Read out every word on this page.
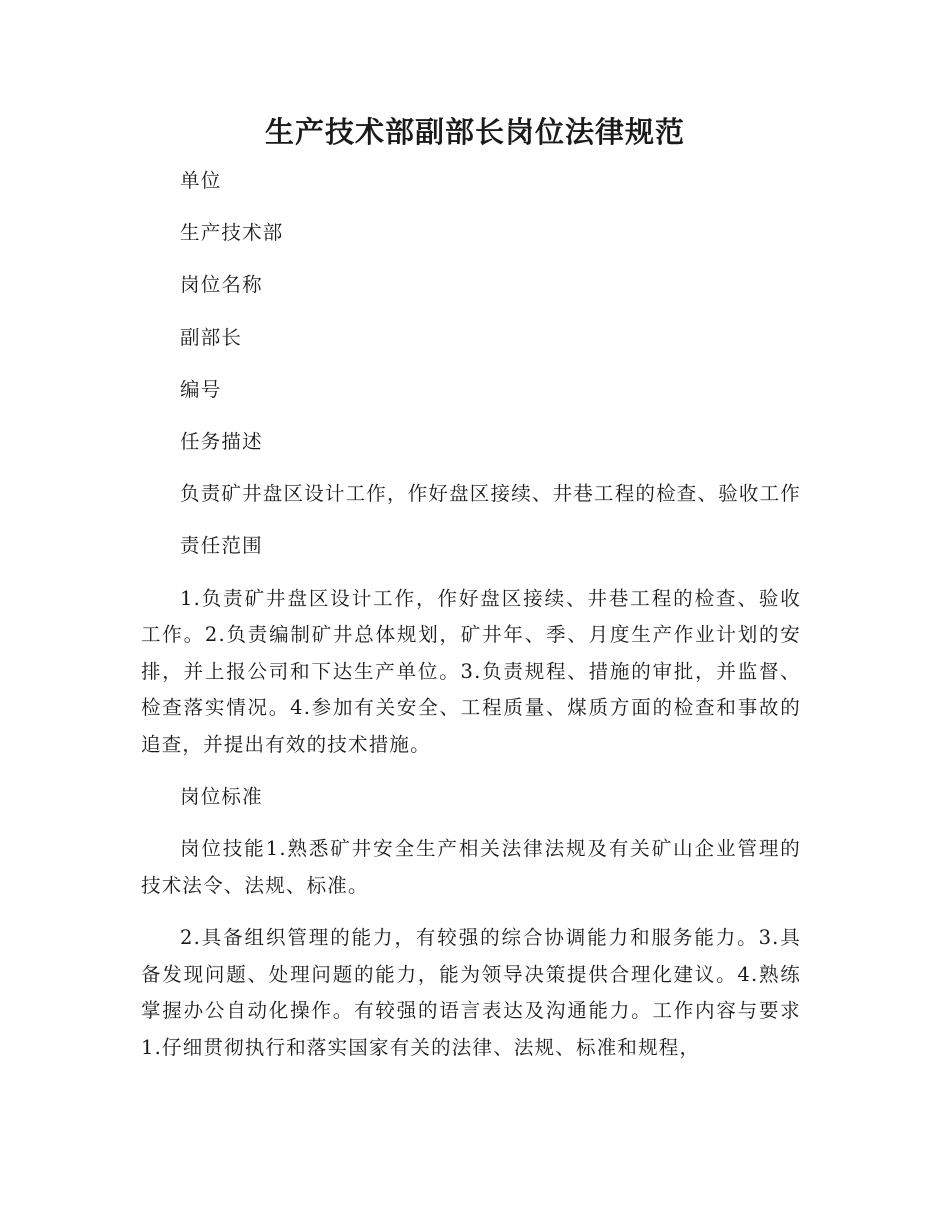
生产技术部副部长岗位法律规范

单位

生产技术部

岗位名称

副部长

编号

任务描述

负责矿井盘区设计工作，作好盘区接续、井巷工程的检查、验收工作

责任范围

1.负责矿井盘区设计工作，作好盘区接续、井巷工程的检查、验收工作。2.负责编制矿井总体规划，矿井年、季、月度生产作业计划的安排，并上报公司和下达生产单位。3.负责规程、措施的审批，并监督、检查落实情况。4.参加有关安全、工程质量、煤质方面的检查和事故的追查，并提出有效的技术措施。

岗位标准

岗位技能1.熟悉矿井安全生产相关法律法规及有关矿山企业管理的技术法令、法规、标准。

2.具备组织管理的能力，有较强的综合协调能力和服务能力。3.具备发现问题、处理问题的能力，能为领导决策提供合理化建议。4.熟练掌握办公自动化操作。有较强的语言表达及沟通能力。工作内容与要求1.仔细贯彻执行和落实国家有关的法律、法规、标准和规程，
